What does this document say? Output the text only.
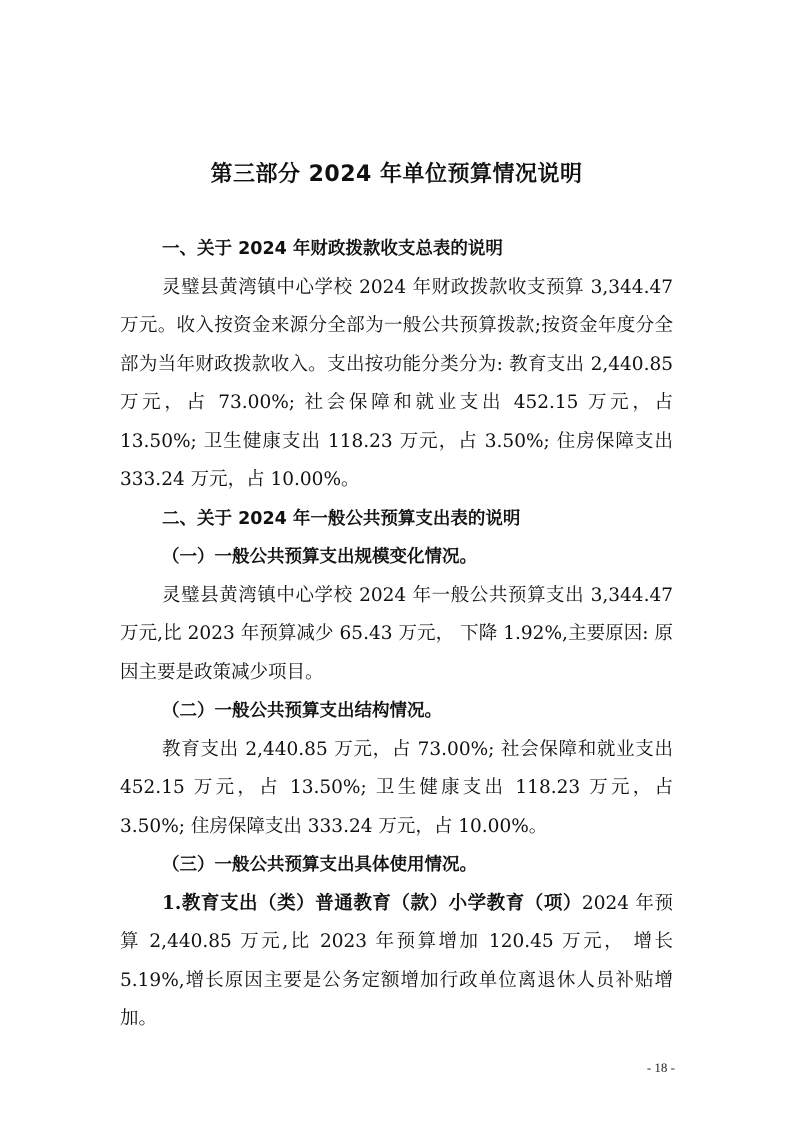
第三部分 2024 年单位预算情况说明

一、关于 2024 年财政拨款收支总表的说明

灵璧县黄湾镇中心学校 2024 年财政拨款收支预算 3,344.47 万元。收入按资金来源分全部为一般公共预算拨款;按资金年度分全部为当年财政拨款收入。支出按功能分类分为: 教育支出 2,440.85 万元，占 73.00%; 社会保障和就业支出 452.15 万元，占 13.50%; 卫生健康支出 118.23 万元，占 3.50%; 住房保障支出 333.24 万元，占 10.00%。

二、关于 2024 年一般公共预算支出表的说明

（一）一般公共预算支出规模变化情况。

灵璧县黄湾镇中心学校 2024 年一般公共预算支出 3,344.47 万元,比 2023 年预算减少 65.43 万元， 下降 1.92%,主要原因: 原因主要是政策减少项目。

（二）一般公共预算支出结构情况。

教育支出 2,440.85 万元，占 73.00%; 社会保障和就业支出 452.15 万元，占 13.50%; 卫生健康支出 118.23 万元，占 3.50%; 住房保障支出 333.24 万元，占 10.00%。

（三）一般公共预算支出具体使用情况。

1.教育支出（类）普通教育（款）小学教育（项）2024 年预算 2,440.85 万元,比 2023 年预算增加 120.45 万元， 增长 5.19%,增长原因主要是公务定额增加行政单位离退休人员补贴增加。

- 18 -
